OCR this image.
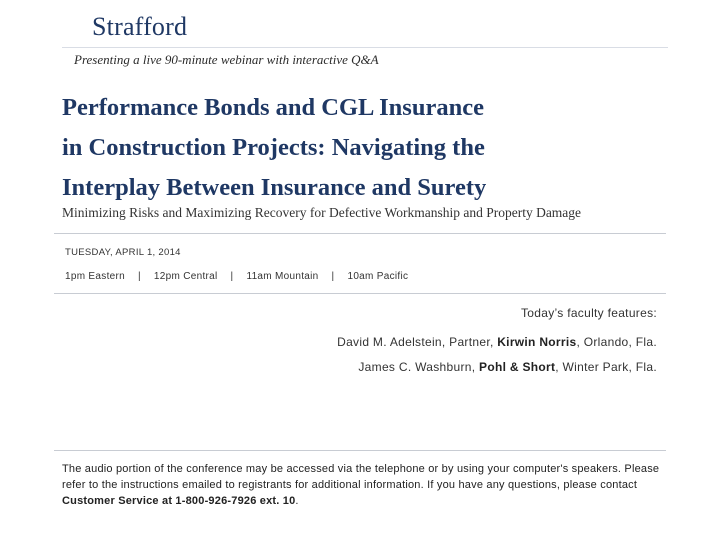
Strafford
Presenting a live 90-minute webinar with interactive Q&A
Performance Bonds and CGL Insurance
in Construction Projects: Navigating the
Interplay Between Insurance and Surety
Minimizing Risks and Maximizing Recovery for Defective Workmanship and Property Damage
TUESDAY, APRIL 1, 2014
1pm Eastern | 12pm Central | 11am Mountain | 10am Pacific
Today’s faculty features:
David M. Adelstein, Partner, Kirwin Norris, Orlando, Fla.
James C. Washburn, Pohl & Short, Winter Park, Fla.

The audio portion of the conference may be accessed via the telephone or by using your computer's speakers. Please refer to the instructions emailed to registrants for additional information. If you have any questions, please contact Customer Service at 1-800-926-7926 ext. 10.
